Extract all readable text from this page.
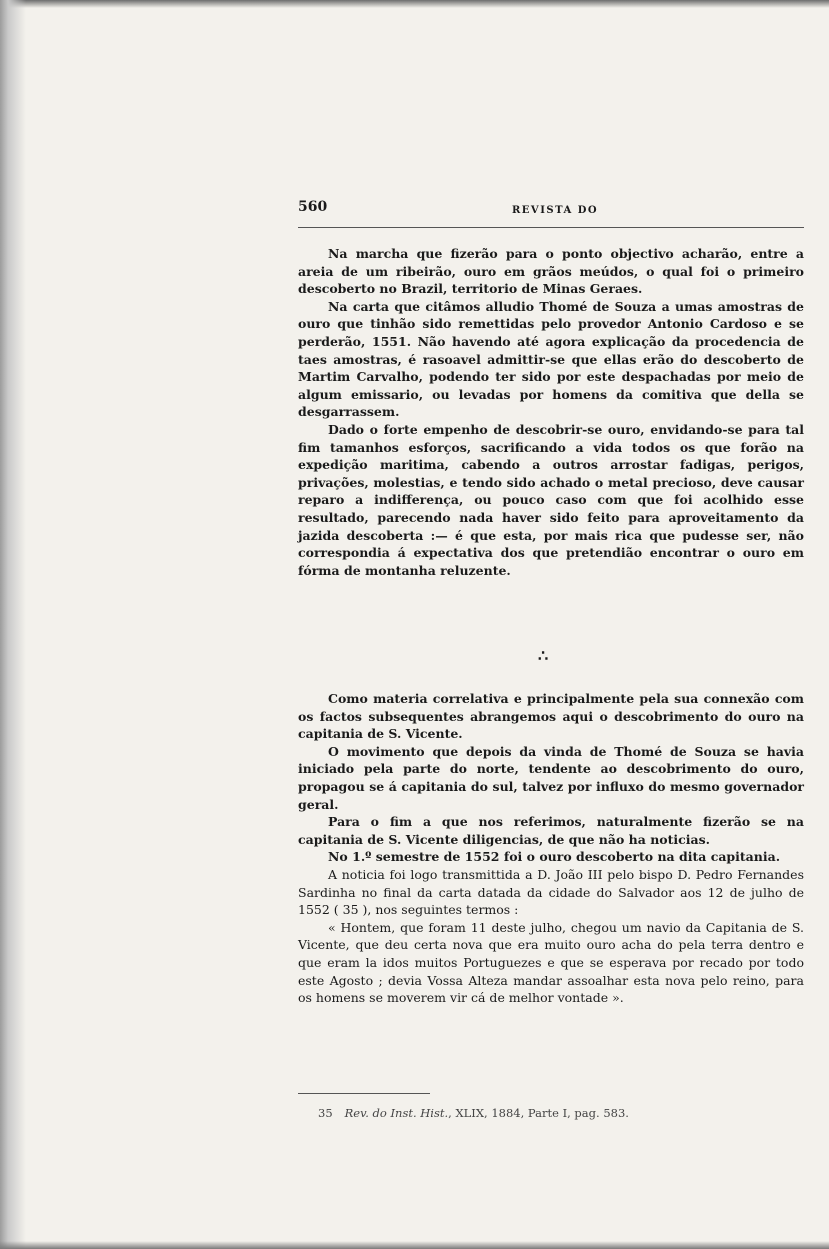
560	REVISTA DO

Na marcha que fizerão para o ponto objectivo acharão, entre a areia de um ribeirão, ouro em grãos meúdos, o qual foi o primeiro descoberto no Brazil, territorio de Minas Geraes.

Na carta que citâmos alludio Thomé de Souza a umas amostras de ouro que tinhão sido remettidas pelo provedor Antonio Cardoso e se perderão, 1551. Não havendo até agora explicação da procedencia de taes amostras, é rasoavel admittir-se que ellas erão do descoberto de Martim Carvalho, podendo ter sido por este despachadas por meio de algum emissario, ou levadas por homens da comitiva que della se desgarrassem.

Dado o forte empenho de descobrir-se ouro, envidando-se para tal fim tamanhos esforços, sacrificando a vida todos os que forão na expedição maritima, cabendo a outros arrostar fadigas, perigos, privações, molestias, e tendo sido achado o metal precioso, deve causar reparo a indifferença, ou pouco caso com que foi acolhido esse resultado, parecendo nada haver sido feito para aproveitamento da jazida descoberta :— é que esta, por mais rica que pudesse ser, não correspondia á expectativa dos que pretendião encontrar o ouro em fórma de montanha reluzente.

∴

Como materia correlativa e principalmente pela sua connexão com os factos subsequentes abrangemos aqui o descobrimento do ouro na capitania de S. Vicente.

O movimento que depois da vinda de Thomé de Souza se havia iniciado pela parte do norte, tendente ao descobrimento do ouro, propagou se á capitania do sul, talvez por influxo do mesmo governador geral.

Para o fim a que nos referimos, naturalmente fizerão se na capitania de S. Vicente diligencias, de que não ha noticias.

No 1.º semestre de 1552 foi o ouro descoberto na dita capitania.

A noticia foi logo transmittida a D. João III pelo bispo D. Pedro Fernandes Sardinha no final da carta datada da cidade do Salvador aos 12 de julho de 1552 ( 35 ), nos seguintes termos :

« Hontem, que foram 11 deste julho, chegou um navio da Capitania de S. Vicente, que deu certa nova que era muito ouro acha do pela terra dentro e que eram la idos muitos Portuguezes e que se esperava por recado por todo este Agosto ; devia Vossa Alteza mandar assoalhar esta nova pelo reino, para os homens se moverem vir cá de melhor vontade ».

35 Rev. do Inst. Hist., XLIX, 1884, Parte I, pag. 583.
